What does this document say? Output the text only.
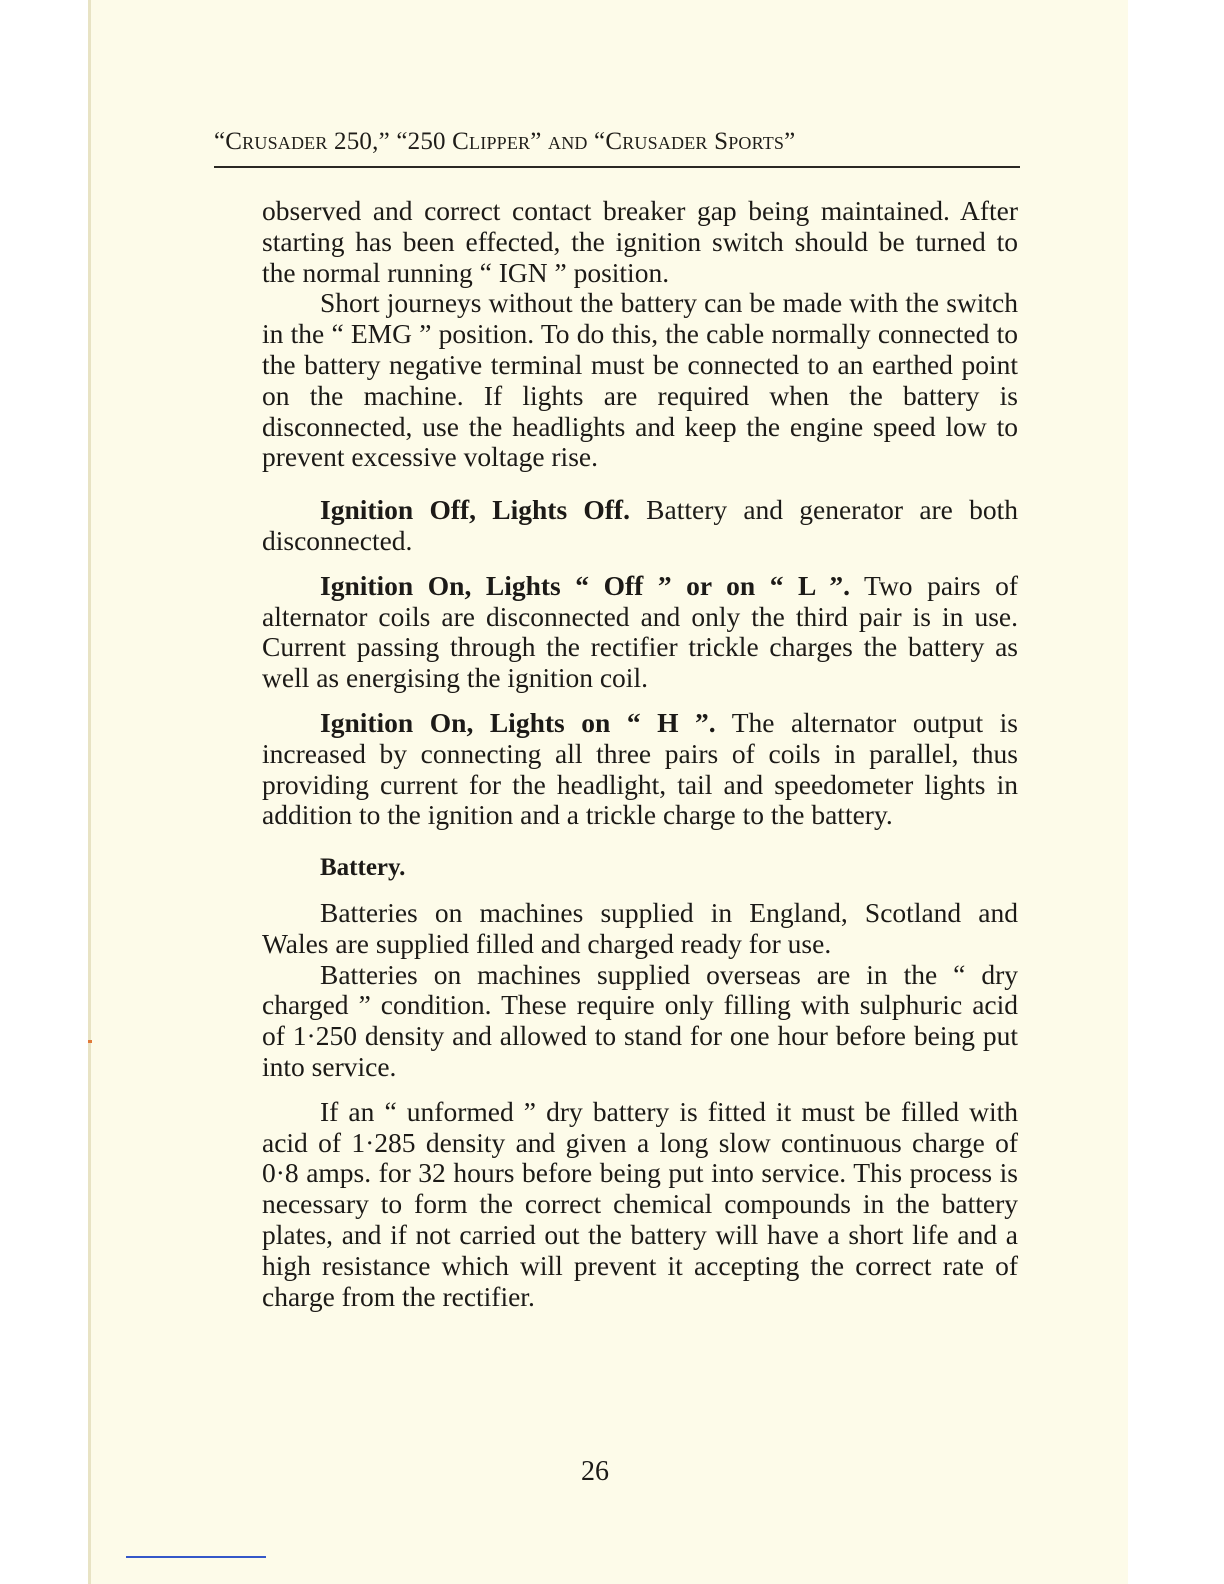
“Crusader 250,” “250 Clipper” and “Crusader Sports”

observed and correct contact breaker gap being maintained. After starting has been effected, the ignition switch should be turned to the normal running “ IGN ” position.

Short journeys without the battery can be made with the switch in the “ EMG ” position. To do this, the cable normally connected to the battery negative terminal must be connected to an earthed point on the machine. If lights are required when the battery is disconnected, use the headlights and keep the engine speed low to prevent excessive voltage rise.

Ignition Off, Lights Off. Battery and generator are both disconnected.

Ignition On, Lights “ Off ” or on “ L ”. Two pairs of alternator coils are disconnected and only the third pair is in use. Current passing through the rectifier trickle charges the battery as well as energising the ignition coil.

Ignition On, Lights on “ H ”. The alternator output is increased by connecting all three pairs of coils in parallel, thus providing current for the headlight, tail and speedometer lights in addition to the ignition and a trickle charge to the battery.

Battery.

Batteries on machines supplied in England, Scotland and Wales are supplied filled and charged ready for use.

Batteries on machines supplied overseas are in the “ dry charged ” condition. These require only filling with sulphuric acid of 1·250 density and allowed to stand for one hour before being put into service.

If an “ unformed ” dry battery is fitted it must be filled with acid of 1·285 density and given a long slow continuous charge of 0·8 amps. for 32 hours before being put into service. This process is necessary to form the correct chemical compounds in the battery plates, and if not carried out the battery will have a short life and a high resistance which will prevent it accepting the correct rate of charge from the rectifier.

26
